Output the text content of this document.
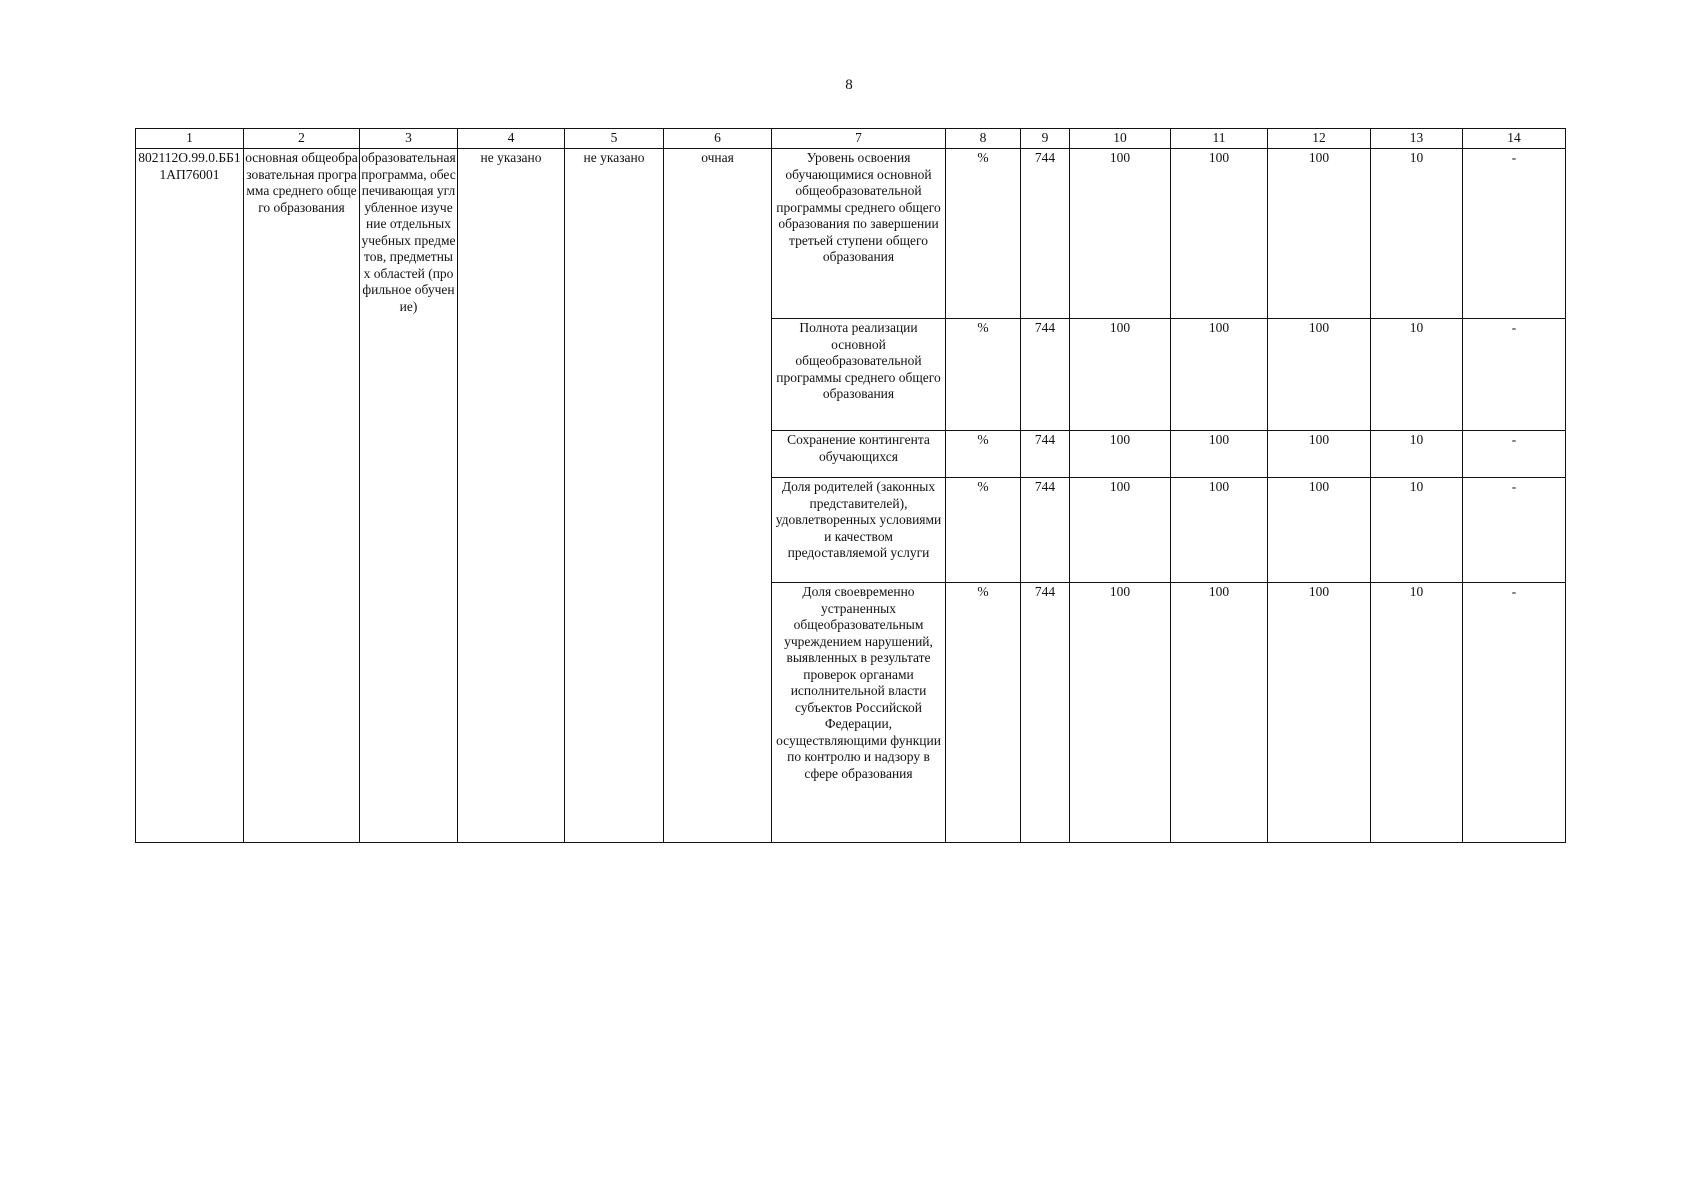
8
1	2	3	4	5	6	7	8	9	10	11	12	13	14
802112О.99.0.ББ11АП76001	основная общеобразовательная программа среднего общего образования	образовательная программа, обеспечивающая углубленное изучение отдельных учебных предметов, предметных областей (профильное обучение)	не указано	не указано	очная	Уровень освоения обучающимися основной общеобразовательной программы среднего общего образования по завершении третьей ступени общего образования	%	744	100	100	100	10	-
						Полнота реализации основной общеобразовательной программы среднего общего образования	%	744	100	100	100	10	-
						Сохранение контингента обучающихся	%	744	100	100	100	10	-
						Доля родителей (законных представителей), удовлетворенных условиями и качеством предоставляемой услуги	%	744	100	100	100	10	-
						Доля своевременно устраненных общеобразовательным учреждением нарушений, выявленных в результате проверок органами исполнительной власти субъектов Российской Федерации, осуществляющими функции по контролю и надзору в сфере образования	%	744	100	100	100	10	-
